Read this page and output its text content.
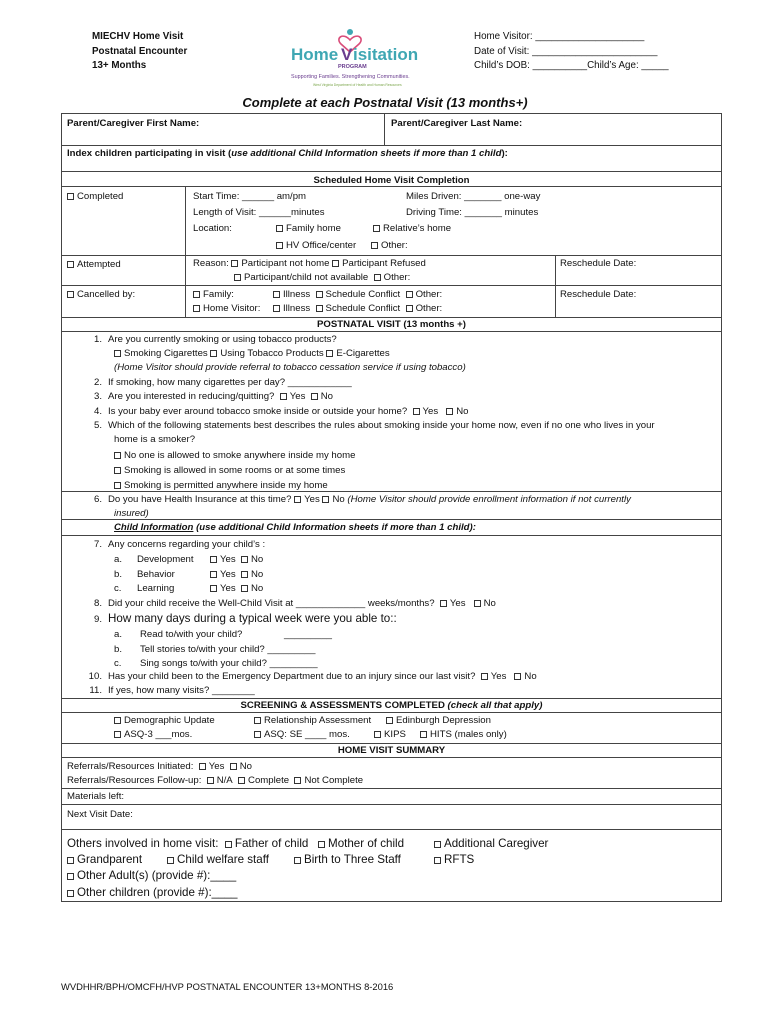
MIECHV Home Visit
Postnatal Encounter
13+ Months
Home V isitation
PROGRAM
Supporting Families. Strengthening Communities.
West Virginia Department of Health and Human Resources
Home Visitor: ____________________
Date of Visit: _______________________
Child’s DOB: __________Child’s Age: _____
Complete at each Postnatal Visit (13 months+)
Parent/Caregiver First Name:	Parent/Caregiver Last Name:
Index children participating in visit (use additional Child Information sheets if more than 1 child):
Scheduled Home Visit Completion
Completed	Start Time: ______ am/pm	Miles Driven: _______ one-way
Length of Visit: ______minutes	Driving Time: _______ minutes
Location:	Family home	Relative’s home
HV Office/center	Other:
Attempted	Reason: Participant not home Participant Refused
Participant/child not available Other:
Reschedule Date:
Cancelled by:	Family:	Illness Schedule Conflict Other:
Home Visitor: Illness Schedule Conflict Other:
Reschedule Date:
POSTNATAL VISIT (13 months +)
1. Are you currently smoking or using tobacco products?
Smoking Cigarettes Using Tobacco Products E-Cigarettes
(Home Visitor should provide referral to tobacco cessation service if using tobacco)
2. If smoking, how many cigarettes per day? ____________
3. Are you interested in reducing/quitting? Yes No
4. Is your baby ever around tobacco smoke inside or outside your home? Yes No
5. Which of the following statements best describes the rules about smoking inside your home now, even if no one who lives in your
home is a smoker?
No one is allowed to smoke anywhere inside my home
Smoking is allowed in some rooms or at some times
Smoking is permitted anywhere inside my home
6. Do you have Health Insurance at this time? Yes No (Home Visitor should provide enrollment information if not currently
insured)
Child Information (use additional Child Information sheets if more than 1 child):
7. Any concerns regarding your child’s :
a. Development	Yes No
b. Behavior	Yes No
c. Learning	Yes No
8. Did your child receive the Well-Child Visit at _____________ weeks/months? Yes No
9. How many days during a typical week were you able to::
a. Read to/with your child?	_________
b. Tell stories to/with your child? _________
c. Sing songs to/with your child? _________
10. Has your child been to the Emergency Department due to an injury since our last visit? Yes No
11. If yes, how many visits? ________
SCREENING & ASSESSMENTS COMPLETED (check all that apply)
Demographic Update	Relationship Assessment	Edinburgh Depression
ASQ-3 ___mos.	ASQ: SE ____ mos.	KIPS	HITS (males only)
HOME VISIT SUMMARY
Referrals/Resources Initiated: Yes No
Referrals/Resources Follow-up: N/A Complete Not Complete
Materials left:
Next Visit Date:
Others involved in home visit: Father of child Mother of child	Additional Caregiver
Grandparent	Child welfare staff	Birth to Three Staff	RFTS
Other Adult(s) (provide #):____
Other children (provide #):____
WVDHHR/BPH/OMCFH/HVP POSTNATAL ENCOUNTER 13+MONTHS 8-2016
